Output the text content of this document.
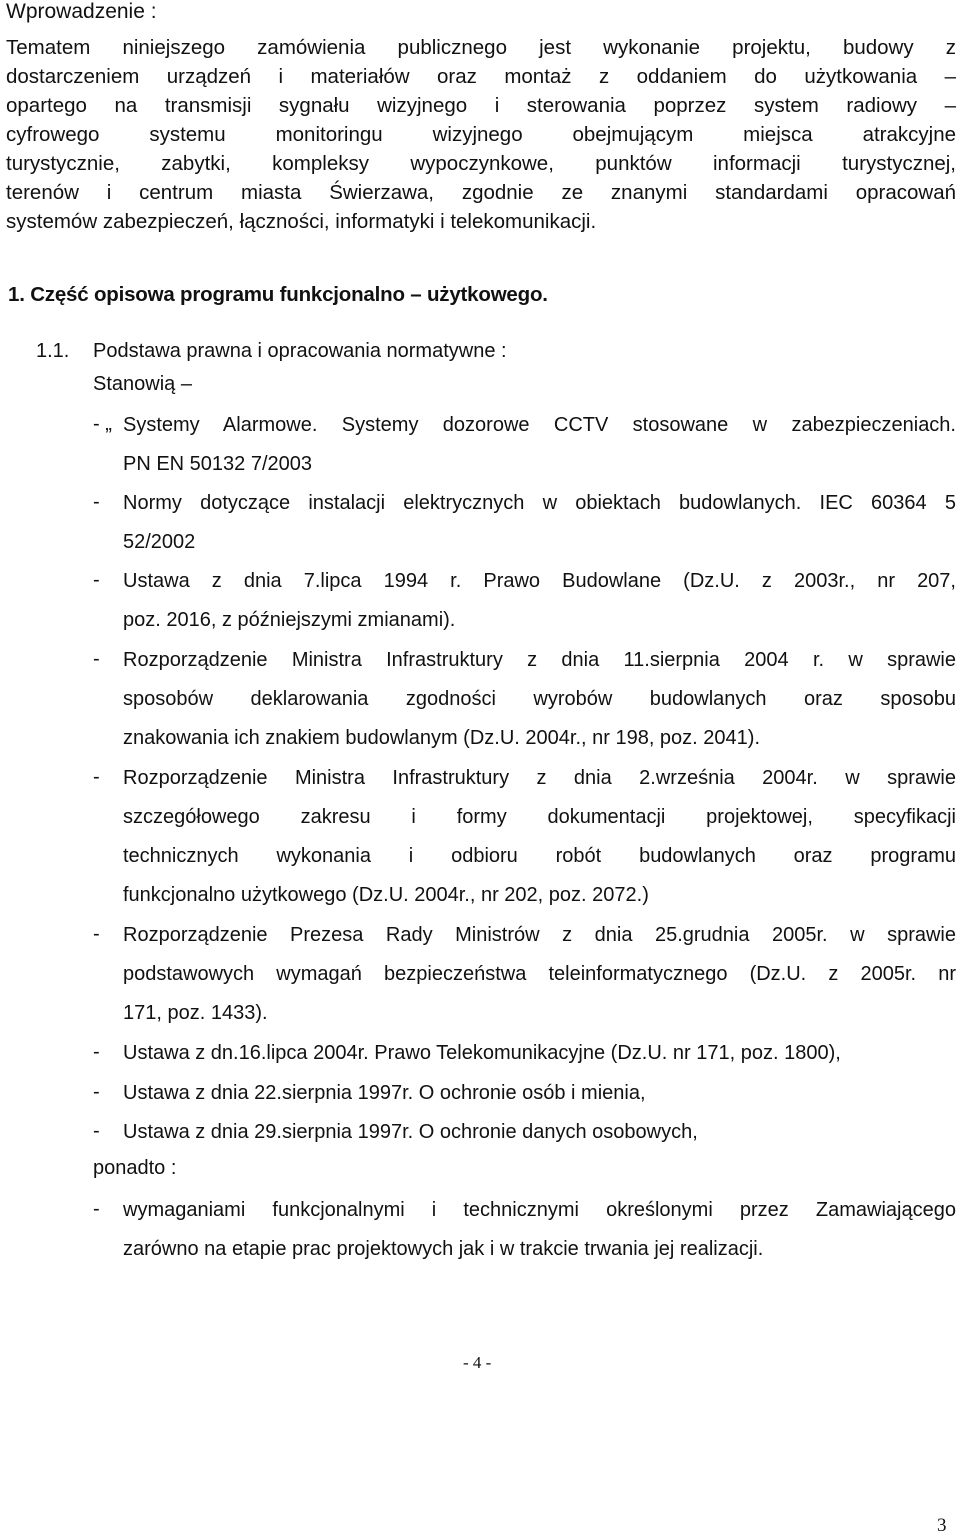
Wprowadzenie :
Tematem niniejszego zamówienia publicznego jest wykonanie projektu, budowy z
dostarczeniem urządzeń i materiałów oraz montaż z oddaniem do użytkowania –
opartego na transmisji sygnału wizyjnego i sterowania poprzez system radiowy –
cyfrowego systemu monitoringu wizyjnego obejmującym miejsca atrakcyjne
turystycznie, zabytki, kompleksy wypoczynkowe, punktów informacji turystycznej,
terenów i centrum miasta Świerzawa, zgodnie ze znanymi standardami opracowań
systemów zabezpieczeń, łączności, informatyki i telekomunikacji.
1. Część opisowa programu funkcjonalno – użytkowego.
1.1. Podstawa prawna i opracowania normatywne :
Stanowią –
- „ Systemy Alarmowe. Systemy dozorowe CCTV stosowane w zabezpieczeniach.
PN EN 50132 7/2003
- Normy dotyczące instalacji elektrycznych w obiektach budowlanych. IEC 60364 5
52/2002
- Ustawa z dnia 7.lipca 1994 r. Prawo Budowlane (Dz.U. z 2003r., nr 207,
poz. 2016, z późniejszymi zmianami).
- Rozporządzenie Ministra Infrastruktury z dnia 11.sierpnia 2004 r. w sprawie
sposobów deklarowania zgodności wyrobów budowlanych oraz sposobu
znakowania ich znakiem budowlanym (Dz.U. 2004r., nr 198, poz. 2041).
- Rozporządzenie Ministra Infrastruktury z dnia 2.września 2004r. w sprawie
szczegółowego zakresu i formy dokumentacji projektowej, specyfikacji
technicznych wykonania i odbioru robót budowlanych oraz programu
funkcjonalno użytkowego (Dz.U. 2004r., nr 202, poz. 2072.)
- Rozporządzenie Prezesa Rady Ministrów z dnia 25.grudnia 2005r. w sprawie
podstawowych wymagań bezpieczeństwa teleinformatycznego (Dz.U. z 2005r. nr
171, poz. 1433).
- Ustawa z dn.16.lipca 2004r. Prawo Telekomunikacyjne (Dz.U. nr 171, poz. 1800),
- Ustawa z dnia 22.sierpnia 1997r. O ochronie osób i mienia,
- Ustawa z dnia 29.sierpnia 1997r. O ochronie danych osobowych,
ponadto :
- wymaganiami funkcjonalnymi i technicznymi określonymi przez Zamawiającego
zarówno na etapie prac projektowych jak i w trakcie trwania jej realizacji.
- 4 -
3
